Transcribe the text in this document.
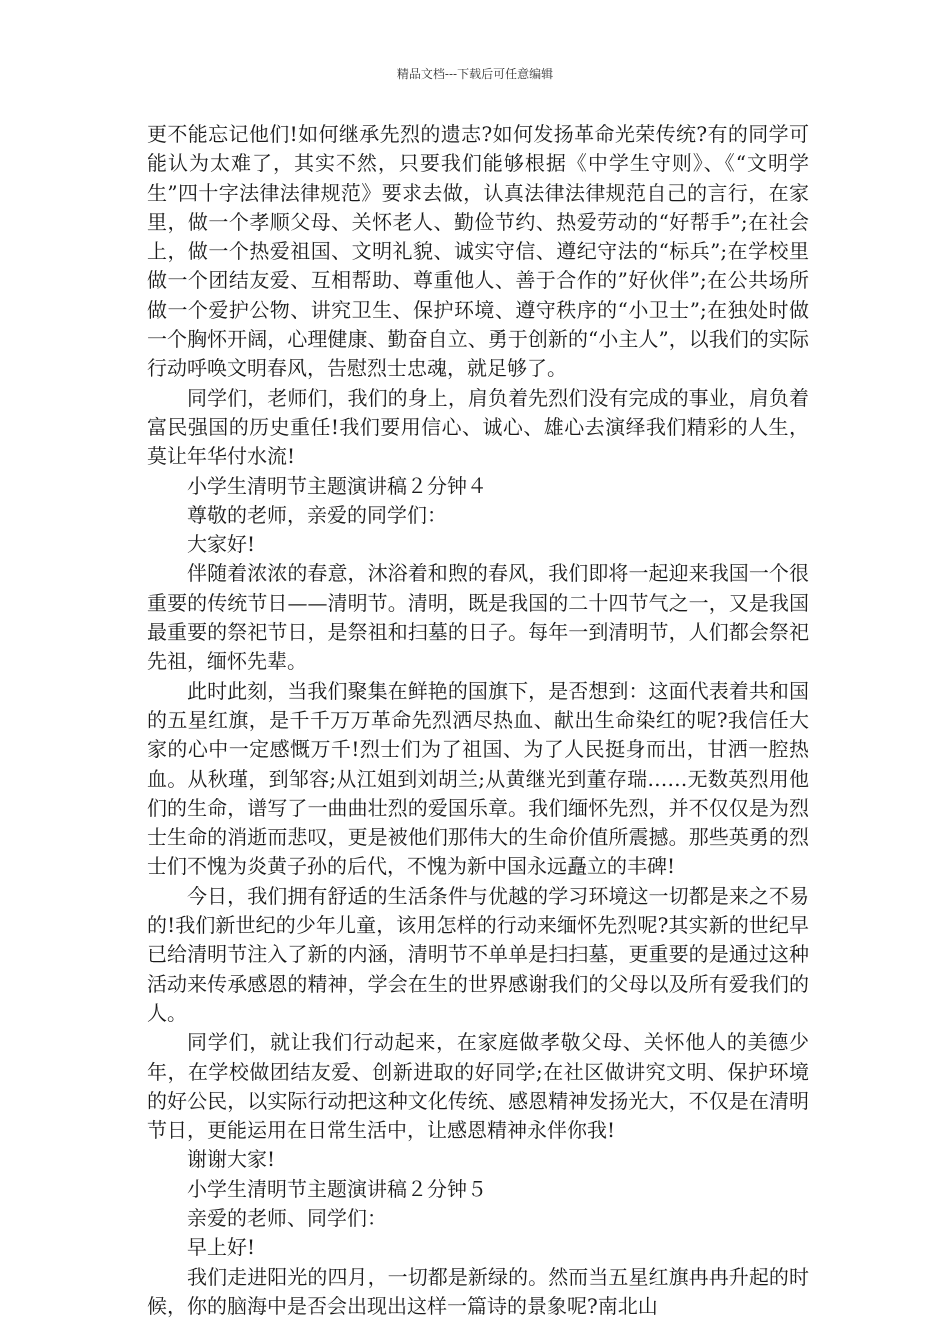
精品文档---下载后可任意编辑

更不能忘记他们!如何继承先烈的遗志?如何发扬革命光荣传统?有的同学可能认为太难了，其实不然，只要我们能够根据《中学生守则》、《“文明学生”四十字法律法律规范》要求去做，认真法律法律规范自己的言行，在家里，做一个孝顺父母、关怀老人、勤俭节约、热爱劳动的“好帮手”;在社会上，做一个热爱祖国、文明礼貌、诚实守信、遵纪守法的“标兵”;在学校里做一个团结友爱、互相帮助、尊重他人、善于合作的”好伙伴”;在公共场所做一个爱护公物、讲究卫生、保护环境、遵守秩序的“小卫士”;在独处时做一个胸怀开阔，心理健康、勤奋自立、勇于创新的“小主人”，以我们的实际行动呼唤文明春风，告慰烈士忠魂，就足够了。

同学们，老师们，我们的身上，肩负着先烈们没有完成的事业，肩负着富民强国的历史重任!我们要用信心、诚心、雄心去演绎我们精彩的人生，莫让年华付水流!

小学生清明节主题演讲稿２分钟４

尊敬的老师，亲爱的同学们：

大家好!

伴随着浓浓的春意，沐浴着和煦的春风，我们即将一起迎来我国一个很重要的传统节日——清明节。清明，既是我国的二十四节气之一，又是我国最重要的祭祀节日，是祭祖和扫墓的日子。每年一到清明节，人们都会祭祀先祖，缅怀先辈。

此时此刻，当我们聚集在鲜艳的国旗下，是否想到：这面代表着共和国的五星红旗，是千千万万革命先烈洒尽热血、献出生命染红的呢?我信任大家的心中一定感慨万千!烈士们为了祖国、为了人民挺身而出，甘洒一腔热血。从秋瑾，到邹容;从江姐到刘胡兰;从黄继光到董存瑞……无数英烈用他们的生命，谱写了一曲曲壮烈的爱国乐章。我们缅怀先烈，并不仅仅是为烈士生命的消逝而悲叹，更是被他们那伟大的生命价值所震撼。那些英勇的烈士们不愧为炎黄子孙的后代，不愧为新中国永远矗立的丰碑!

今日，我们拥有舒适的生活条件与优越的学习环境这一切都是来之不易的!我们新世纪的少年儿童，该用怎样的行动来缅怀先烈呢?其实新的世纪早已给清明节注入了新的内涵，清明节不单单是扫扫墓，更重要的是通过这种活动来传承感恩的精神，学会在生的世界感谢我们的父母以及所有爱我们的人。

同学们，就让我们行动起来，在家庭做孝敬父母、关怀他人的美德少年，在学校做团结友爱、创新进取的好同学;在社区做讲究文明、保护环境的好公民，以实际行动把这种文化传统、感恩精神发扬光大，不仅是在清明节日，更能运用在日常生活中，让感恩精神永伴你我!

谢谢大家!

小学生清明节主题演讲稿２分钟５

亲爱的老师、同学们：

早上好!

我们走进阳光的四月，一切都是新绿的。然而当五星红旗冉冉升起的时候，你的脑海中是否会出现出这样一篇诗的景象呢?南北山
